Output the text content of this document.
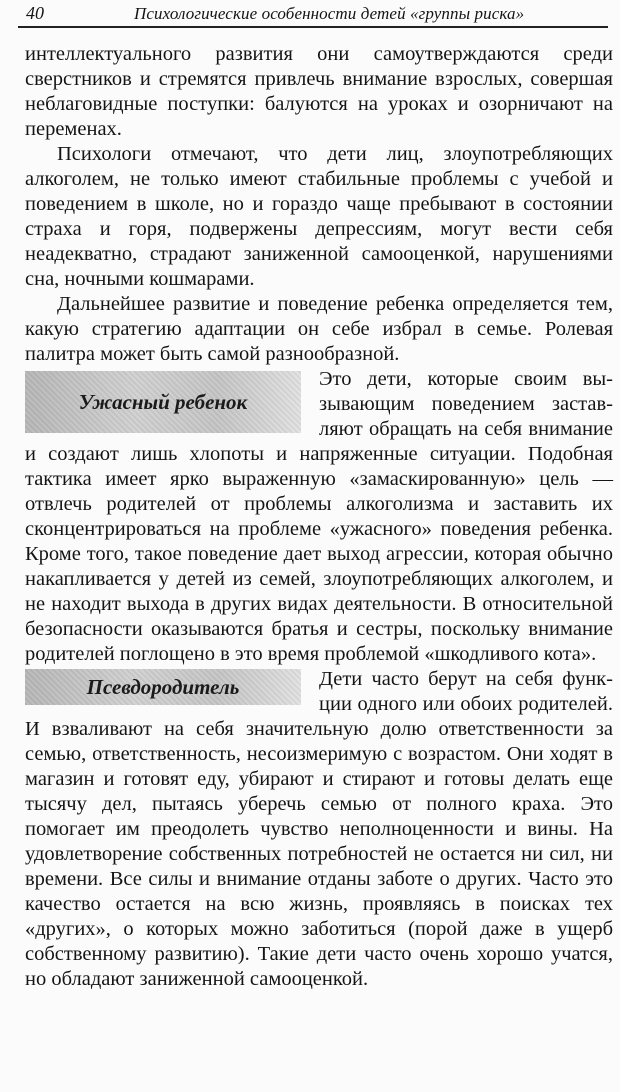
40	Психологические особенности детей «группы риска»

интеллектуального развития они самоутверждаются среди сверстников и стремятся привлечь внимание взрослых, совершая неблаговидные поступки: балуются на уроках и озорничают на переменах.

Психологи отмечают, что дети лиц, злоупотребляющих алкоголем, не только имеют стабильные проблемы с учебой и поведением в школе, но и гораздо чаще пребывают в состоянии страха и горя, подвержены депрессиям, могут вести себя неадекватно, страдают заниженной самооценкой, нарушениями сна, ночными кошмарами.

Дальнейшее развитие и поведение ребенка определяется тем, какую стратегию адаптации он себе избрал в семье. Ролевая палитра может быть самой разнообразной.

Ужасный ребенок

Это дети, которые своим вызывающим поведением заставляют обращать на себя внимание и создают лишь хлопоты и напряженные ситуации. Подобная тактика имеет ярко выраженную «замаскированную» цель — отвлечь родителей от проблемы алкоголизма и заставить их сконцентрироваться на проблеме «ужасного» поведения ребенка. Кроме того, такое поведение дает выход агрессии, которая обычно накапливается у детей из семей, злоупотребляющих алкоголем, и не находит выхода в других видах деятельности. В относительной безопасности оказываются братья и сестры, поскольку внимание родителей поглощено в это время проблемой «шкодливого кота».

Псевдородитель	Дети часто берут на себя функции одного или обоих родителей. И взваливают на себя значительную долю ответственности за семью, ответственность, несоизмеримую с возрастом. Они ходят в магазин и готовят еду, убирают и стирают и готовы делать еще тысячу дел, пытаясь уберечь семью от полного краха. Это помогает им преодолеть чувство неполноценности и вины. На удовлетворение собственных потребностей не остается ни сил, ни времени. Все силы и внимание отданы заботе о других. Часто это качество остается на всю жизнь, проявляясь в поисках тех «других», о которых можно заботиться (порой даже в ущерб собственному развитию). Такие дети часто очень хорошо учатся, но обладают заниженной самооценкой.
